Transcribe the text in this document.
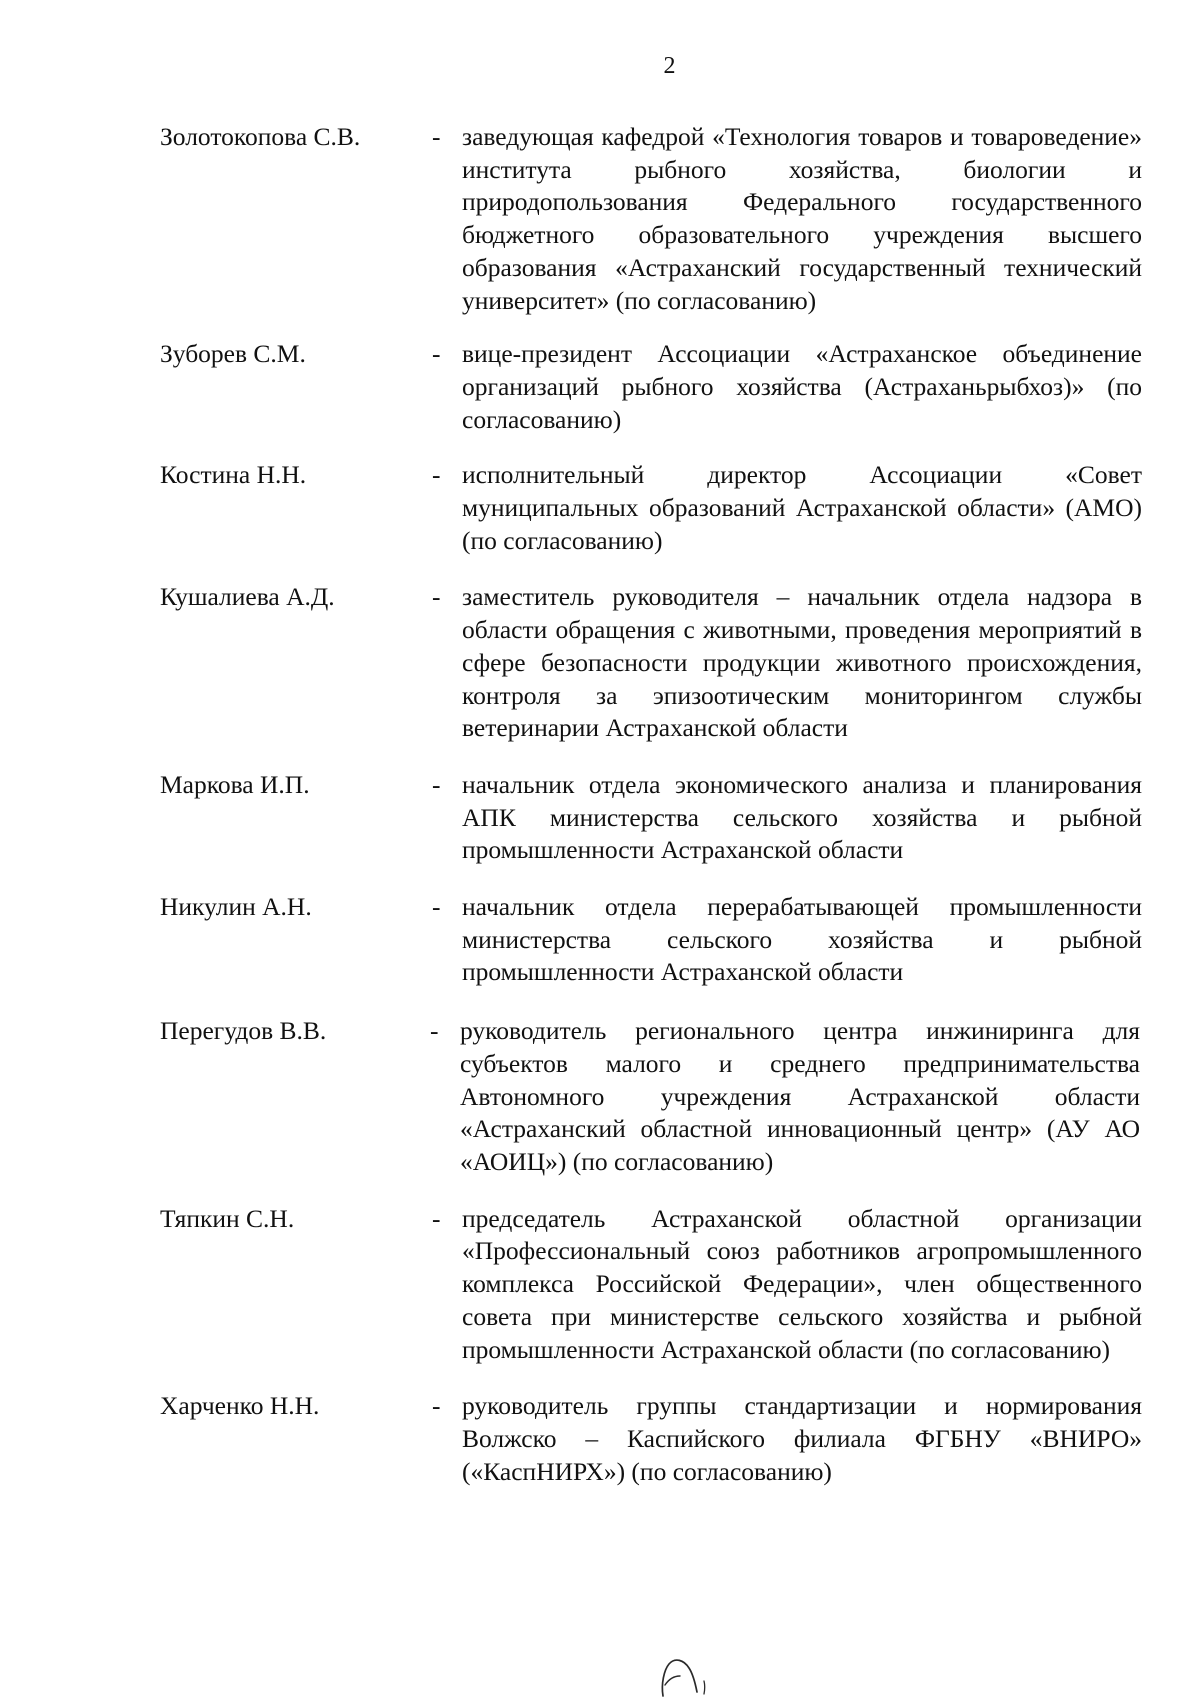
2
Золотокопова С.В.	- заведующая кафедрой «Технология товаров и товароведение» института рыбного хозяйства, биологии и природопользования Федерального государственного бюджетного образовательного учреждения высшего образования «Астраханский государственный технический университет» (по согласованию)
Зуборев С.М.	- вице-президент Ассоциации «Астраханское объединение организаций рыбного хозяйства (Астраханьрыбхоз)» (по согласованию)
Костина Н.Н.	- исполнительный директор Ассоциации «Совет муниципальных образований Астраханской области» (АМО) (по согласованию)
Кушалиева А.Д.	- заместитель руководителя – начальник отдела надзора в области обращения с животными, проведения мероприятий в сфере безопасности продукции животного происхождения, контроля за эпизоотическим мониторингом службы ветеринарии Астраханской области
Маркова И.П.	- начальник отдела экономического анализа и планирования АПК министерства сельского хозяйства и рыбной промышленности Астраханской области
Никулин А.Н.	- начальник отдела перерабатывающей промышленности министерства сельского хозяйства и рыбной промышленности Астраханской области
Перегудов В.В.	- руководитель регионального центра инжиниринга для субъектов малого и среднего предпринимательства Автономного учреждения Астраханской области «Астраханский областной инновационный центр» (АУ АО «АОИЦ») (по согласованию)
Тяпкин С.Н.	- председатель Астраханской областной организации «Профессиональный союз работников агропромышленного комплекса Российской Федерации», член общественного совета при министерстве сельского хозяйства и рыбной промышленности Астраханской области (по согласованию)
Харченко Н.Н.	- руководитель группы стандартизации и нормирования Волжско – Каспийского филиала ФГБНУ «ВНИРО» («КаспНИРХ») (по согласованию)
